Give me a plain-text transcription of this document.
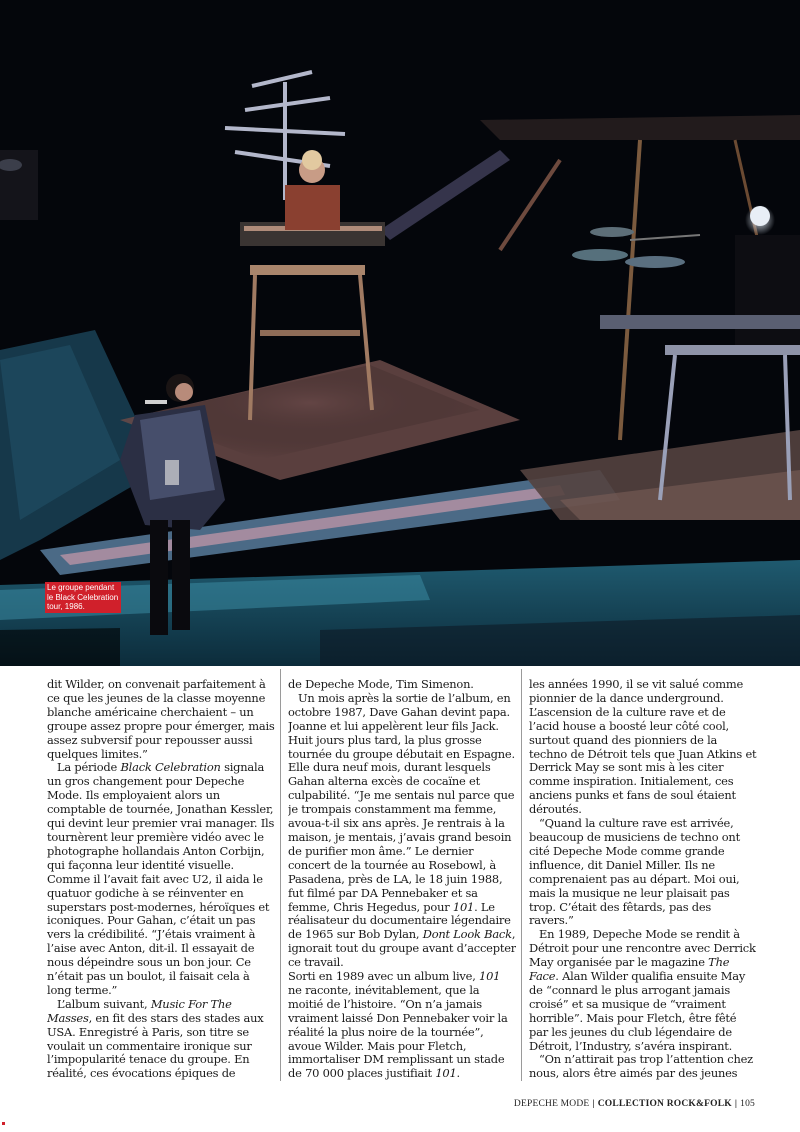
Le groupe pendant
le Black Celebration
tour, 1986.

dit Wilder, on convenait parfaitement à ce que les jeunes de la classe moyenne blanche américaine cherchaient – un groupe assez propre pour émerger, mais assez subversif pour repousser aussi quelques limites.”

La période Black Celebration signala un gros changement pour Depeche Mode. Ils employaient alors un comptable de tournée, Jonathan Kessler, qui devint leur premier vrai manager. Ils tournèrent leur première vidéo avec le photographe hollandais Anton Corbijn, qui façonna leur identité visuelle. Comme il l’avait fait avec U2, il aida le quatuor godiche à se réinventer en superstars post-modernes, héroïques et iconiques. Pour Gahan, c’était un pas vers la crédibilité. “J’étais vraiment à l’aise avec Anton, dit-il. Il essayait de nous dépeindre sous un bon jour. Ce n’était pas un boulot, il faisait cela à long terme.”

L’album suivant, Music For The Masses, en fit des stars des stades aux USA. Enregistré à Paris, son titre se voulait un commentaire ironique sur l’impopularité tenace du groupe. En réalité, ces évocations épiques de

de Depeche Mode, Tim Simenon.

Un mois après la sortie de l’album, en octobre 1987, Dave Gahan devint papa. Joanne et lui appelèrent leur fils Jack. Huit jours plus tard, la plus grosse tournée du groupe débutait en Espagne. Elle dura neuf mois, durant lesquels Gahan alterna excès de cocaïne et culpabilité. “Je me sentais nul parce que je trompais constamment ma femme, avoua-t-il six ans après. Je rentrais à la maison, je mentais, j’avais grand besoin de purifier mon âme.” Le dernier concert de la tournée au Rosebowl, à Pasadena, près de LA, le 18 juin 1988, fut filmé par DA Pennebaker et sa femme, Chris Hegedus, pour 101. Le réalisateur du documentaire légendaire de 1965 sur Bob Dylan, Dont Look Back, ignorait tout du groupe avant d’accepter ce travail.

Sorti en 1989 avec un album live, 101 ne raconte, inévitablement, que la moitié de l’histoire. “On n’a jamais vraiment laissé Don Pennebaker voir la réalité la plus noire de la tournée”, avoue Wilder. Mais pour Fletch, immortaliser DM remplissant un stade de 70 000 places justifiait 101.

les années 1990, il se vit salué comme pionnier de la dance underground. L’ascension de la culture rave et de l’acid house a boosté leur côté cool, surtout quand des pionniers de la techno de Détroit tels que Juan Atkins et Derrick May se sont mis à les citer comme inspiration. Initialement, ces anciens punks et fans de soul étaient déroutés.

“Quand la culture rave est arrivée, beaucoup de musiciens de techno ont cité Depeche Mode comme grande influence, dit Daniel Miller. Ils ne comprenaient pas au départ. Moi oui, mais la musique ne leur plaisait pas trop. C’était des fêtards, pas des ravers.”

En 1989, Depeche Mode se rendit à Détroit pour une rencontre avec Derrick May organisée par le magazine The Face. Alan Wilder qualifia ensuite May de “connard le plus arrogant jamais croisé” et sa musique de “vraiment horrible”. Mais pour Fletch, être fêté par les jeunes du club légendaire de Détroit, l’Industry, s’avéra inspirant.

“On n’attirait pas trop l’attention chez nous, alors être aimés par des jeunes

DEPECHE MODE | COLLECTION ROCK&FOLK | 105
